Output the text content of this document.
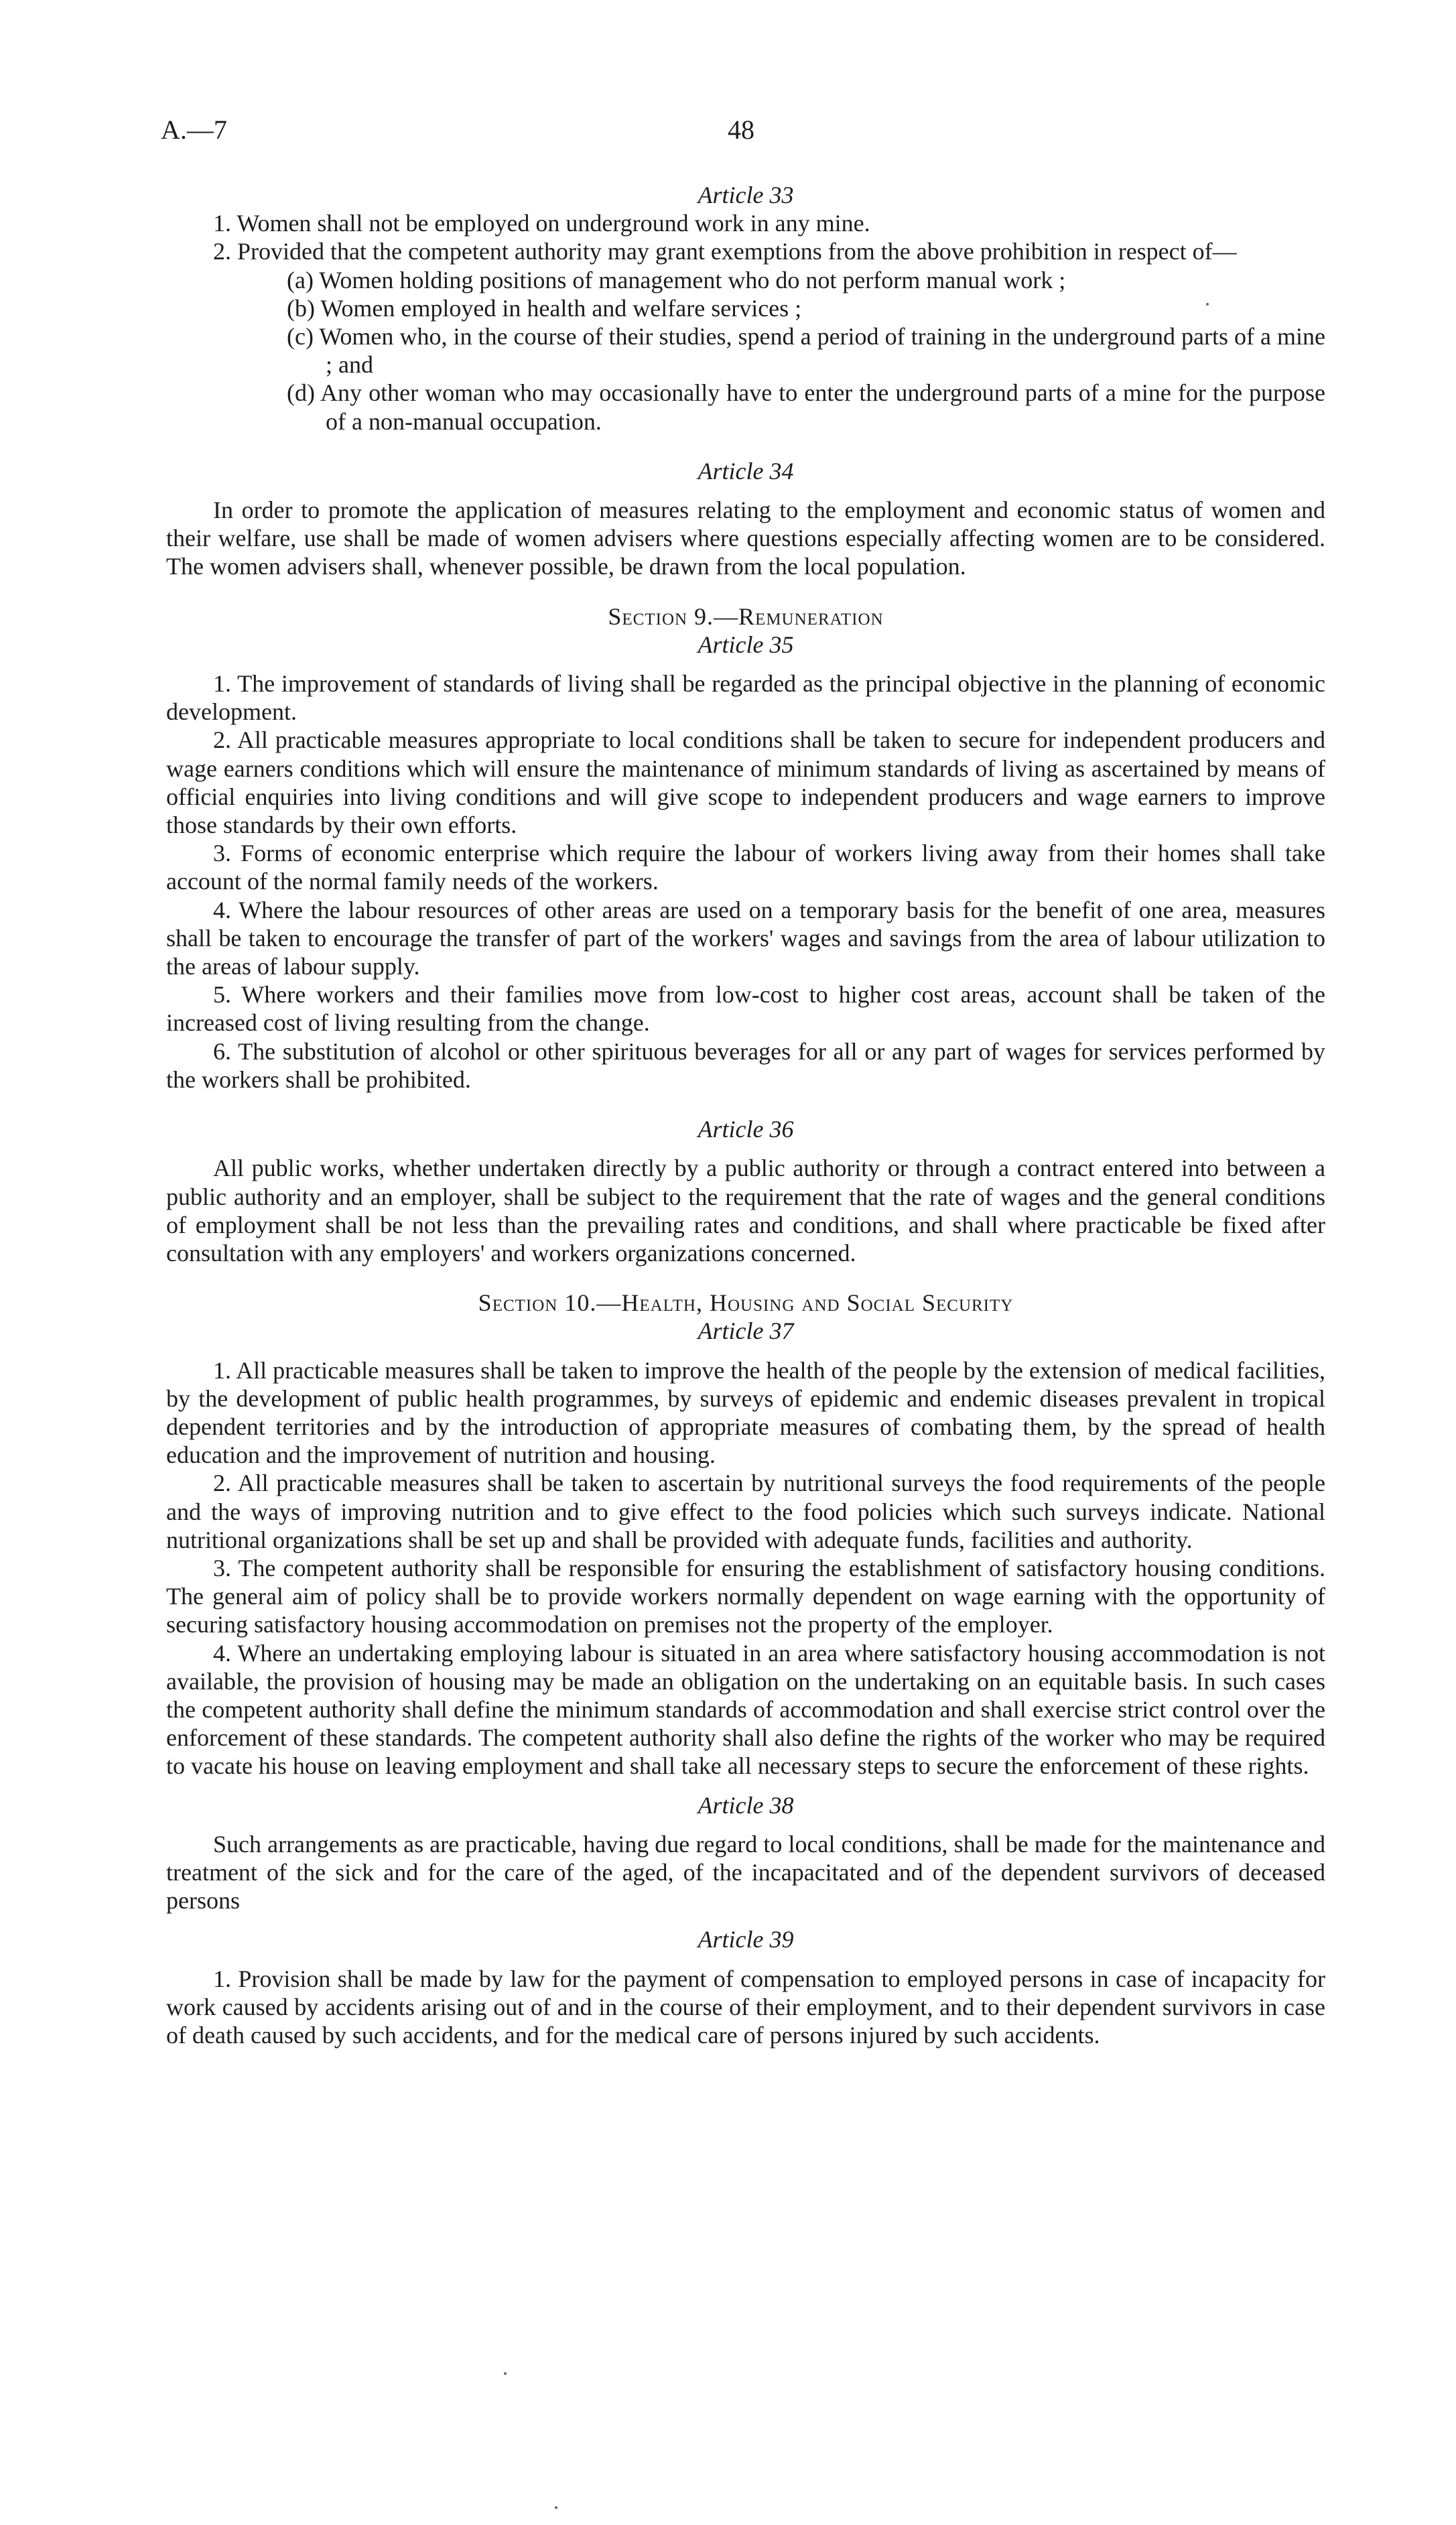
A.—7	48

Article 33

1. Women shall not be employed on underground work in any mine.

2. Provided that the competent authority may grant exemptions from the above prohibition in respect of—

(a) Women holding positions of management who do not perform manual work ;

(b) Women employed in health and welfare services ;

(c) Women who, in the course of their studies, spend a period of training in the underground parts of a mine ; and

(d) Any other woman who may occasionally have to enter the underground parts of a mine for the purpose of a non-manual occupation.

Article 34

In order to promote the application of measures relating to the employment and economic status of women and their welfare, use shall be made of women advisers where questions especially affecting women are to be considered. The women advisers shall, whenever possible, be drawn from the local population.

Section 9.—Remuneration

Article 35

1. The improvement of standards of living shall be regarded as the principal objective in the planning of economic development.

2. All practicable measures appropriate to local conditions shall be taken to secure for independent producers and wage earners conditions which will ensure the maintenance of minimum standards of living as ascertained by means of official enquiries into living conditions and will give scope to independent producers and wage earners to improve those standards by their own efforts.

3. Forms of economic enterprise which require the labour of workers living away from their homes shall take account of the normal family needs of the workers.

4. Where the labour resources of other areas are used on a temporary basis for the benefit of one area, measures shall be taken to encourage the transfer of part of the workers' wages and savings from the area of labour utilization to the areas of labour supply.

5. Where workers and their families move from low-cost to higher cost areas, account shall be taken of the increased cost of living resulting from the change.

6. The substitution of alcohol or other spirituous beverages for all or any part of wages for services performed by the workers shall be prohibited.

Article 36

All public works, whether undertaken directly by a public authority or through a contract entered into between a public authority and an employer, shall be subject to the requirement that the rate of wages and the general conditions of employment shall be not less than the prevailing rates and conditions, and shall where practicable be fixed after consultation with any employers' and workers organizations concerned.

Section 10.—Health, Housing and Social Security

Article 37

1. All practicable measures shall be taken to improve the health of the people by the extension of medical facilities, by the development of public health programmes, by surveys of epidemic and endemic diseases prevalent in tropical dependent territories and by the introduction of appropriate measures of combating them, by the spread of health education and the improvement of nutrition and housing.

2. All practicable measures shall be taken to ascertain by nutritional surveys the food requirements of the people and the ways of improving nutrition and to give effect to the food policies which such surveys indicate. National nutritional organizations shall be set up and shall be provided with adequate funds, facilities and authority.

3. The competent authority shall be responsible for ensuring the establishment of satisfactory housing conditions. The general aim of policy shall be to provide workers normally dependent on wage earning with the opportunity of securing satisfactory housing accommodation on premises not the property of the employer.

4. Where an undertaking employing labour is situated in an area where satisfactory housing accommodation is not available, the provision of housing may be made an obligation on the undertaking on an equitable basis. In such cases the competent authority shall define the minimum standards of accommodation and shall exercise strict control over the enforcement of these standards. The competent authority shall also define the rights of the worker who may be required to vacate his house on leaving employment and shall take all necessary steps to secure the enforcement of these rights.

Article 38

Such arrangements as are practicable, having due regard to local conditions, shall be made for the maintenance and treatment of the sick and for the care of the aged, of the incapacitated and of the dependent survivors of deceased persons

Article 39

1. Provision shall be made by law for the payment of compensation to employed persons in case of incapacity for work caused by accidents arising out of and in the course of their employment, and to their dependent survivors in case of death caused by such accidents, and for the medical care of persons injured by such accidents.
